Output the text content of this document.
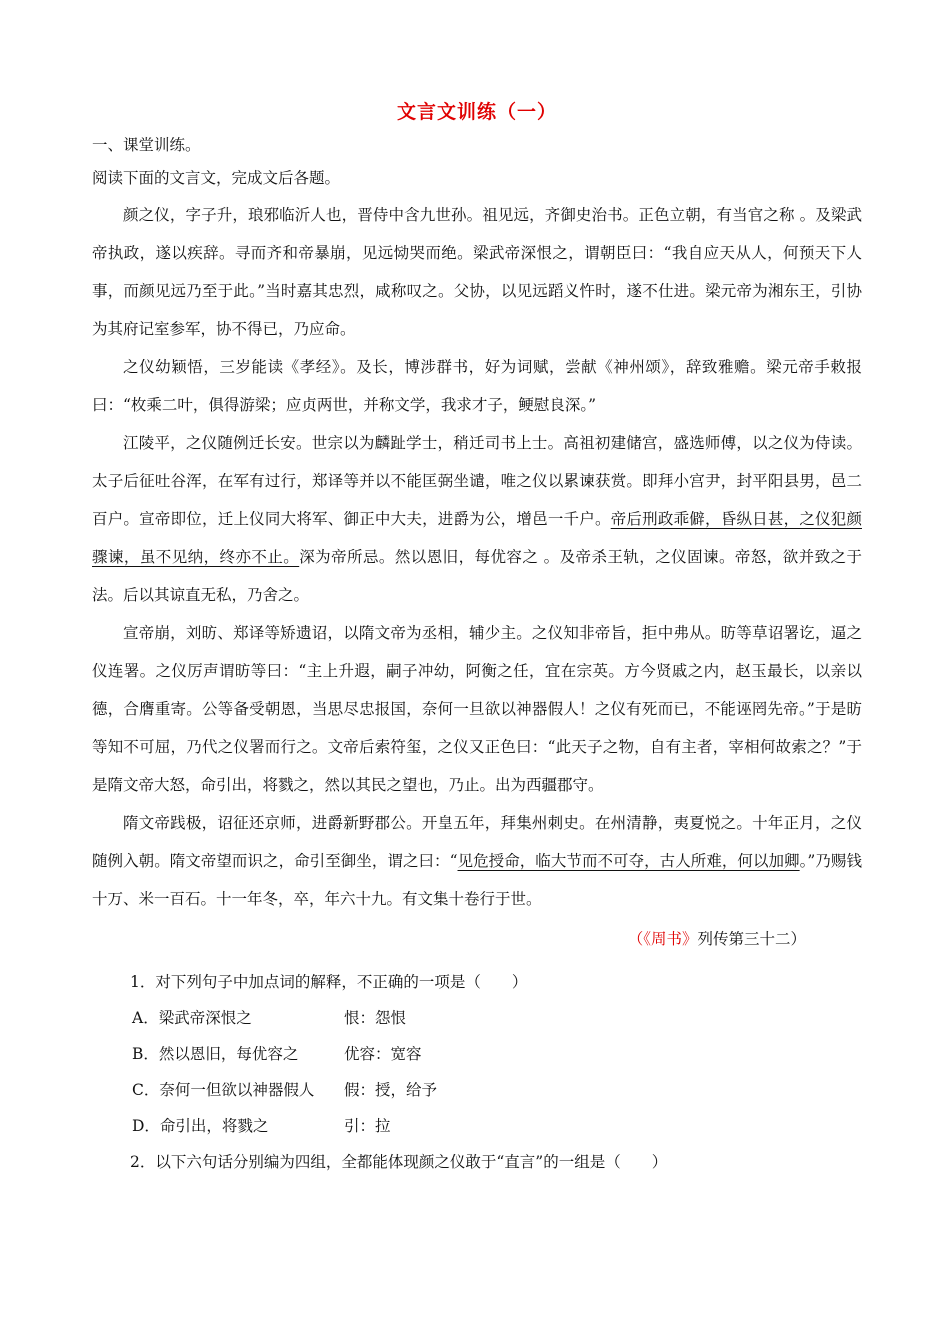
文言文训练（一）

一、课堂训练。

阅读下面的文言文，完成文后各题。

颜之仪，字子升，琅邪临沂人也，晋侍中含九世孙。祖见远，齐御史治书。正色立朝，有当官之称 。及梁武帝执政，遂以疾辞。寻而齐和帝暴崩，见远恸哭而绝。梁武帝深恨之，谓朝臣曰：“我自应天从人，何预天下人事，而颜见远乃至于此。”当时嘉其忠烈，咸称叹之。父协，以见远蹈义忤时，遂不仕进。梁元帝为湘东王，引协为其府记室参军，协不得已，乃应命。

之仪幼颖悟，三岁能读《孝经》。及长，博涉群书，好为词赋，尝献《神州颂》，辞致雅赡。梁元帝手敕报曰：“枚乘二叶，俱得游梁；应贞两世，并称文学，我求才子，鲠慰良深。”

江陵平，之仪随例迁长安。世宗以为麟趾学士，稍迁司书上士。高祖初建储宫，盛选师傅，以之仪为侍读。太子后征吐谷浑，在军有过行，郑译等并以不能匡弼坐谴，唯之仪以累谏获赏。即拜小宫尹，封平阳县男，邑二百户。宣帝即位，迁上仪同大将军、御正中大夫，进爵为公，增邑一千户。帝后刑政乖僻，昏纵日甚，之仪犯颜骤谏，虽不见纳，终亦不止。深为帝所忌。然以恩旧，每优容之 。及帝杀王轨，之仪固谏。帝怒，欲并致之于法。后以其谅直无私，乃舍之。

宣帝崩，刘昉、郑译等矫遗诏，以隋文帝为丞相，辅少主。之仪知非帝旨，拒中弗从。昉等草诏署讫，逼之仪连署。之仪厉声谓昉等曰：“主上升遐，嗣子冲幼，阿衡之任，宜在宗英。方今贤戚之内，赵玉最长，以亲以德，合膺重寄。公等备受朝恩，当思尽忠报国，奈何一旦欲以神器假人！之仪有死而已，不能诬罔先帝。”于是昉等知不可屈，乃代之仪署而行之。文帝后索符玺，之仪又正色曰：“此天子之物，自有主者，宰相何故索之？”于是隋文帝大怒，命引出，将戮之，然以其民之望也，乃止。出为西疆郡守。

隋文帝践极，诏征还京师，进爵新野郡公。开皇五年，拜集州刺史。在州清静，夷夏悦之。十年正月，之仪随例入朝。隋文帝望而识之，命引至御坐，谓之曰：“见危授命，临大节而不可夺，古人所难，何以加卿。”乃赐钱十万、米一百石。十一年冬，卒，年六十九。有文集十卷行于世。

（《周书》列传第三十二）

1．对下列句子中加点词的解释，不正确的一项是（　　）

A．梁武帝深恨之	恨：怨恨
B．然以恩旧，每优容之	优容：宽容
C．奈何一但欲以神器假人	假：授，给予
D．命引出，将戮之	引：拉

2．以下六句话分别编为四组，全都能体现颜之仪敢于“直言”的一组是（　　）
